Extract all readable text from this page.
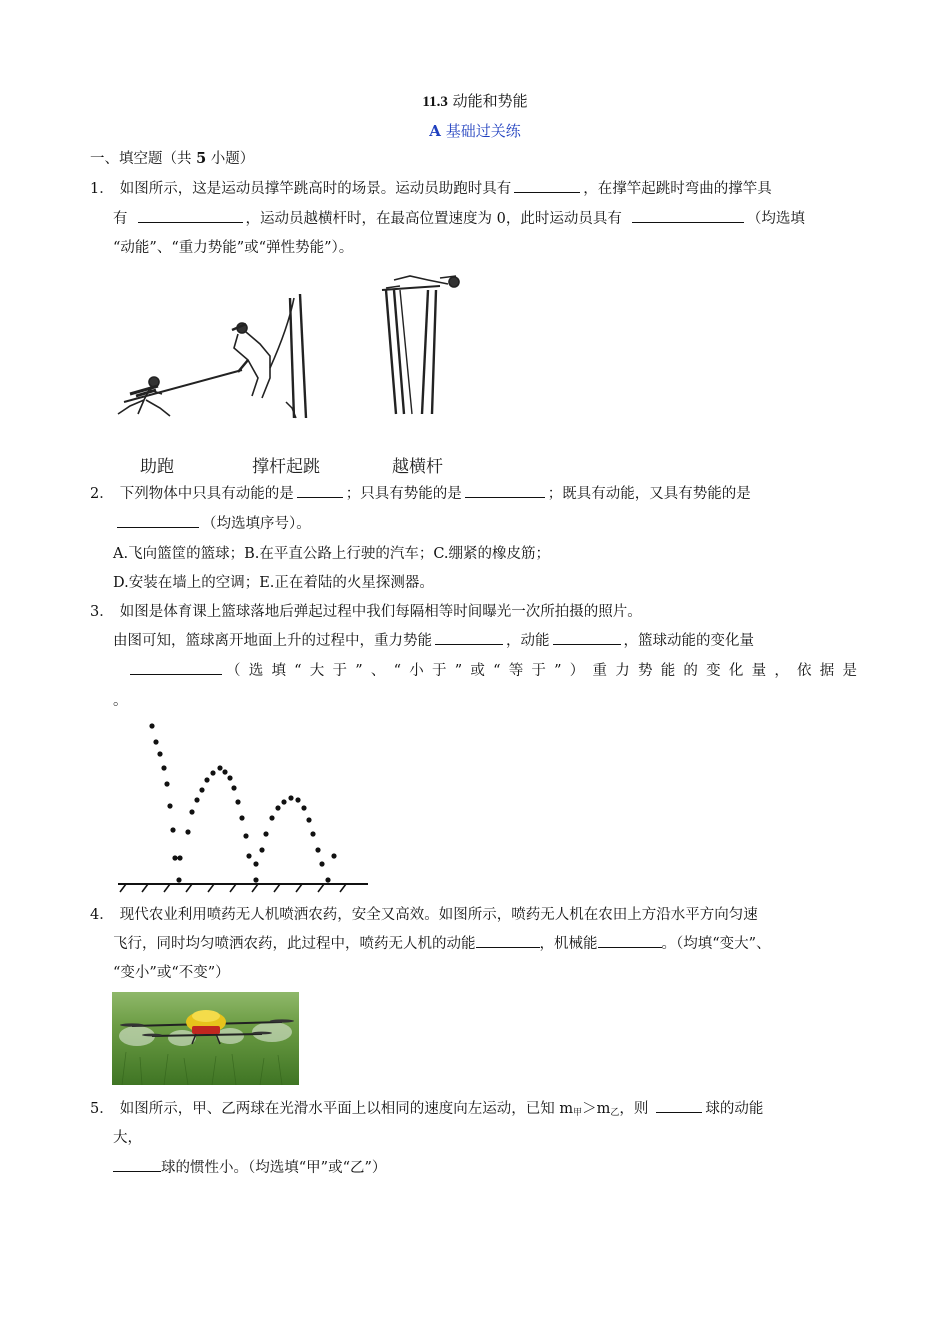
11.3 动能和势能
A 基础过关练
一、填空题（共 5 小题）
1． 如图所示，这是运动员撑竿跳高时的场景。运动员助跑时具有	，在撑竿起跳时弯曲的撑竿具
有	，运动员越横杆时，在最高位置速度为 0，此时运动员具有	（均选填
“动能”、“重力势能”或“弹性势能”）。
助跑	撑杆起跳	越横杆
2． 下列物体中只具有动能的是	；只具有势能的是	；既具有动能，又具有势能的是
（均选填序号）。
A.飞向篮筐的篮球；B.在平直公路上行驶的汽车；C.绷紧的橡皮筋；
D.安装在墙上的空调；E.正在着陆的火星探测器。
3． 如图是体育课上篮球落地后弹起过程中我们每隔相等时间曝光一次所拍摄的照片。
由图可知，篮球离开地面上升的过程中，重力势能	，动能	，篮球动能的变化量
（选填“大于”、“小于”或“等于”）重力势能的变化量，依据是
。
4． 现代农业利用喷药无人机喷洒农药，安全又高效。如图所示，喷药无人机在农田上方沿水平方向匀速
飞行，同时均匀喷洒农药，此过程中，喷药无人机的动能	，机械能	。（均填“变大”、
“变小”或“不变”）
5． 如图所示，甲、乙两球在光滑水平面上以相同的速度向左运动，已知 $m_甲>m_乙$，则	球的动能
大，
球的惯性小。（均选填“甲”或“乙”）
